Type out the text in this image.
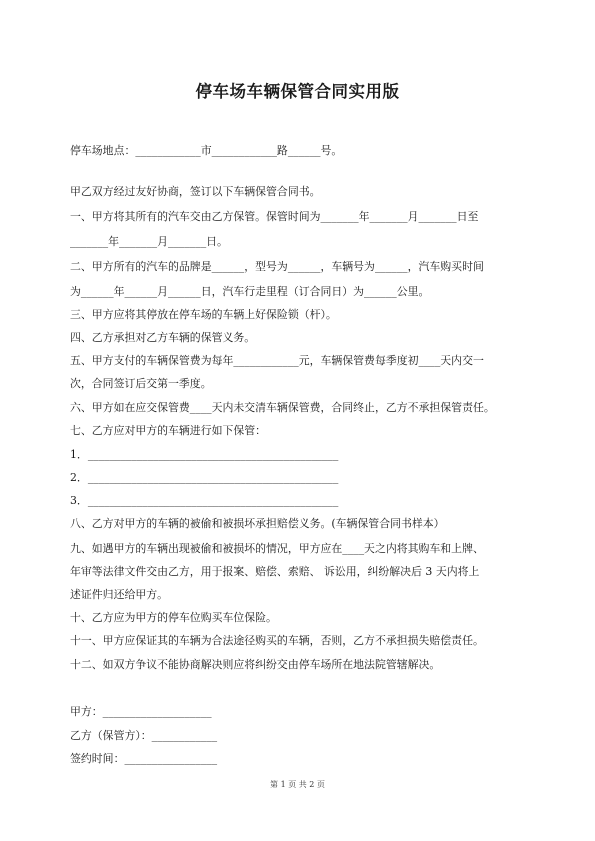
停车场车辆保管合同实用版
停车场地点：____________市____________路______号。
甲乙双方经过友好协商，签订以下车辆保管合同书。
一、甲方将其所有的汽车交由乙方保管。保管时间为_______年_______月_______日至
_______年_______月_______日。
二、甲方所有的汽车的品牌是______，型号为______，车辆号为______，汽车购买时间
为______年______月______日，汽车行走里程（订合同日）为______公里。
三、甲方应将其停放在停车场的车辆上好保险锁（杆）。
四、乙方承担对乙方车辆的保管义务。
五、甲方支付的车辆保管费为每年____________元，车辆保管费每季度初____天内交一
次，合同签订后交第一季度。
六、甲方如在应交保管费____天内未交清车辆保管费，合同终止，乙方不承担保管责任。
七、乙方应对甲方的车辆进行如下保管：
1．______________________________________________
2．______________________________________________
3．______________________________________________
八、乙方对甲方的车辆的被偷和被损坏承担赔偿义务。(车辆保管合同书样本）
九、如遇甲方的车辆出现被偷和被损坏的情况，甲方应在____天之内将其购车和上牌、
年审等法律文件交由乙方，用于报案、赔偿、索赔、 诉讼用，纠纷解决后 3 天内将上
述证件归还给甲方。
十、乙方应为甲方的停车位购买车位保险。
十一、甲方应保证其的车辆为合法途径购买的车辆，否则，乙方不承担损失赔偿责任。
十二、如双方争议不能协商解决则应将纠纷交由停车场所在地法院管辖解决。
甲方：____________________
乙方（保管方）：____________
签约时间：_________________
第 1 页 共 2 页
